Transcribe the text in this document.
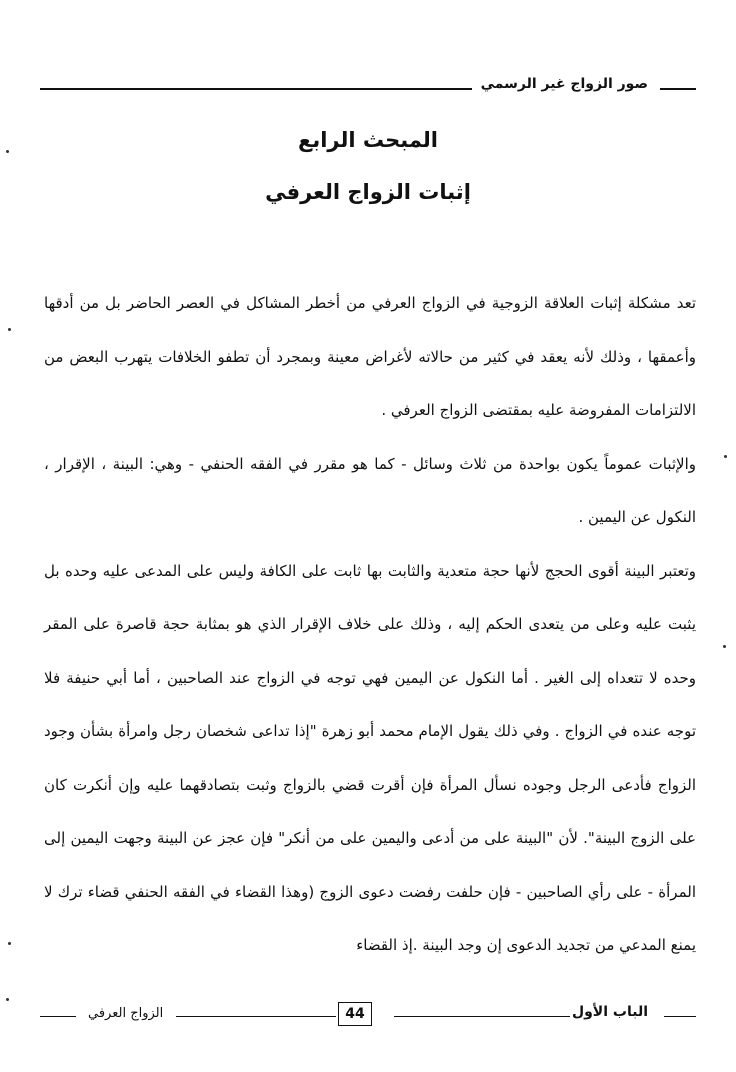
صور الزواج غير الرسمي
المبحث الرابع
إثبات الزواج العرفي

تعد مشكلة إثبات العلاقة الزوجية في الزواج العرفي من أخطر المشاكل في العصر الحاضر بل من أدقها وأعمقها ، وذلك لأنه يعقد في كثير من حالاته لأغراض معينة وبمجرد أن تطفو الخلافات يتهرب البعض من الالتزامات المفروضة عليه بمقتضى الزواج العرفي .

والإثبات عموماً يكون بواحدة من ثلاث وسائل - كما هو مقرر في الفقه الحنفي - وهي: البينة ، الإقرار ، النكول عن اليمين .

وتعتبر البينة أقوى الحجج لأنها حجة متعدية والثابت بها ثابت على الكافة وليس على المدعى عليه وحده بل يثبت عليه وعلى من يتعدى الحكم إليه ، وذلك على خلاف الإقرار الذي هو بمثابة حجة قاصرة على المقر وحده لا تتعداه إلى الغير . أما النكول عن اليمين فهي توجه في الزواج عند الصاحبين ، أما أبي حنيفة فلا توجه عنده في الزواج . وفي ذلك يقول الإمام محمد أبو زهرة "إذا تداعى شخصان رجل وامرأة بشأن وجود الزواج فأدعى الرجل وجوده نسأل المرأة فإن أقرت قضي بالزواج وثبت بتصادقهما عليه وإن أنكرت كان على الزوج البينة". لأن "البينة على من أدعى واليمين على من أنكر" فإن عجز عن البينة وجهت اليمين إلى المرأة - على رأي الصاحبين - فإن حلفت رفضت دعوى الزوج (وهذا القضاء في الفقه الحنفي قضاء ترك لا يمنع المدعي من تجديد الدعوى إن وجد البينة .إذ القضاء

الباب الأول
44
الزواج العرفي
